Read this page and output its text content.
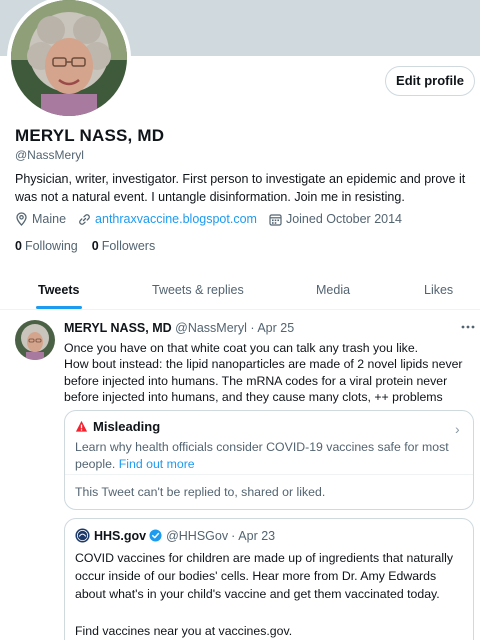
Edit profile
MERYL NASS, MD
@NassMeryl
Physician, writer, investigator. First person to investigate an epidemic and prove it was not a natural event. I untangle disinformation. Join me in resisting.
Maine anthraxvaccine.blogspot.com Joined October 2014
0 Following 0 Followers
Tweets	Tweets & replies	Media	Likes
MERYL NASS, MD @NassMeryl · Apr 25
Once you have on that white coat you can talk any trash you like.
How bout instead: the lipid nanoparticles are made of 2 novel lipids never
before injected into humans. The mRNA codes for a viral protein never
before injected into humans, and they cause many clots, ++ problems
Misleading	›
Learn why health officials consider COVID-19 vaccines safe for most people. Find out more
This Tweet can't be replied to, shared or liked.
HHS.gov @HHSGov · Apr 23
COVID vaccines for children are made up of ingredients that naturally
occur inside of our bodies' cells. Hear more from Dr. Amy Edwards
about what's in your child's vaccine and get them vaccinated today.
Find vaccines near you at vaccines.gov.
